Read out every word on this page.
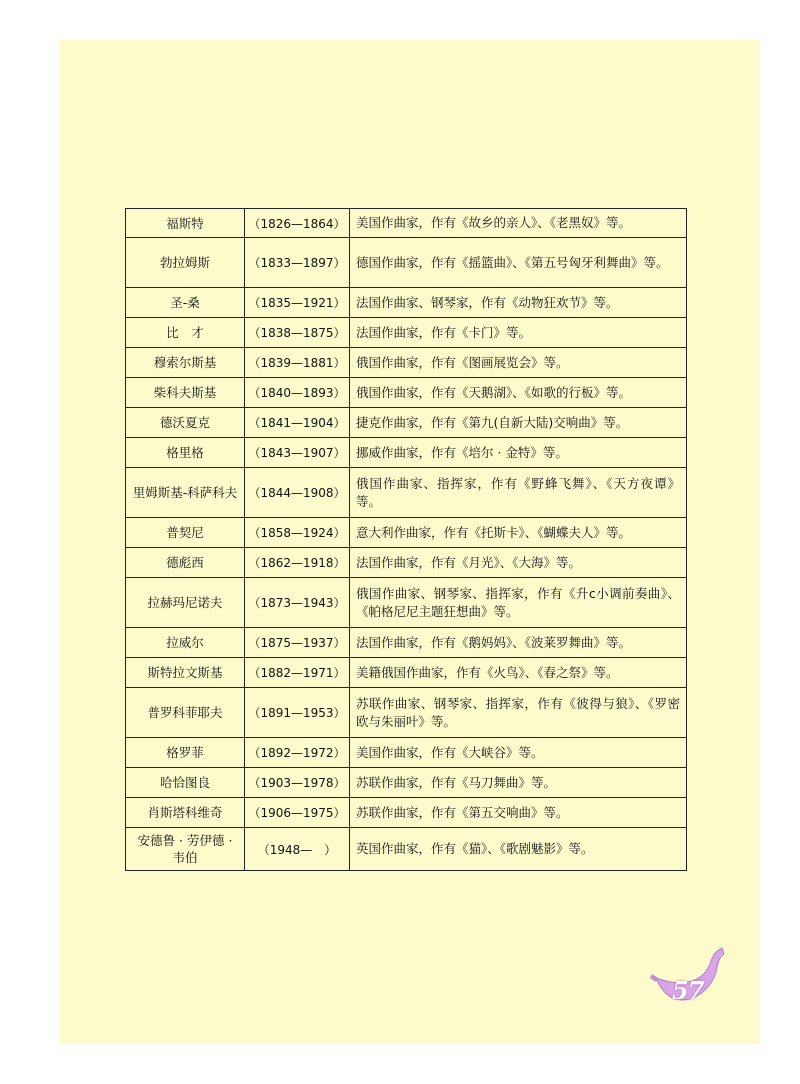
福斯特	（1826—1864）	美国作曲家，作有《故乡的亲人》、《老黑奴》等。
勃拉姆斯	（1833—1897）	德国作曲家，作有《摇篮曲》、《第五号匈牙利舞曲》等。
圣-桑	（1835—1921）	法国作曲家、钢琴家，作有《动物狂欢节》等。
比　才	（1838—1875）	法国作曲家，作有《卡门》等。
穆索尔斯基	（1839—1881）	俄国作曲家，作有《图画展览会》等。
柴科夫斯基	（1840—1893）	俄国作曲家，作有《天鹅湖》、《如歌的行板》等。
德沃夏克	（1841—1904）	捷克作曲家，作有《第九(自新大陆)交响曲》等。
格里格	（1843—1907）	挪威作曲家，作有《培尔 · 金特》等。
里姆斯基-科萨科夫	（1844—1908）	俄国作曲家、指挥家，作有《野蜂飞舞》、《天方夜谭》等。
普契尼	（1858—1924）	意大利作曲家，作有《托斯卡》、《蝴蝶夫人》等。
德彪西	（1862—1918）	法国作曲家，作有《月光》、《大海》等。
拉赫玛尼诺夫	（1873—1943）	俄国作曲家、钢琴家、指挥家，作有《升c小调前奏曲》、《帕格尼尼主题狂想曲》等。
拉威尔	（1875—1937）	法国作曲家，作有《鹅妈妈》、《波莱罗舞曲》等。
斯特拉文斯基	（1882—1971）	美籍俄国作曲家，作有《火鸟》、《春之祭》等。
普罗科菲耶夫	（1891—1953）	苏联作曲家、钢琴家、指挥家，作有《彼得与狼》、《罗密欧与朱丽叶》等。
格罗菲	（1892—1972）	美国作曲家，作有《大峡谷》等。
哈恰图良	（1903—1978）	苏联作曲家，作有《马刀舞曲》等。
肖斯塔科维奇	（1906—1975）	苏联作曲家，作有《第五交响曲》等。
安德鲁 · 劳伊德 · 韦伯	（1948—　）	英国作曲家，作有《猫》、《歌剧魅影》等。
57
